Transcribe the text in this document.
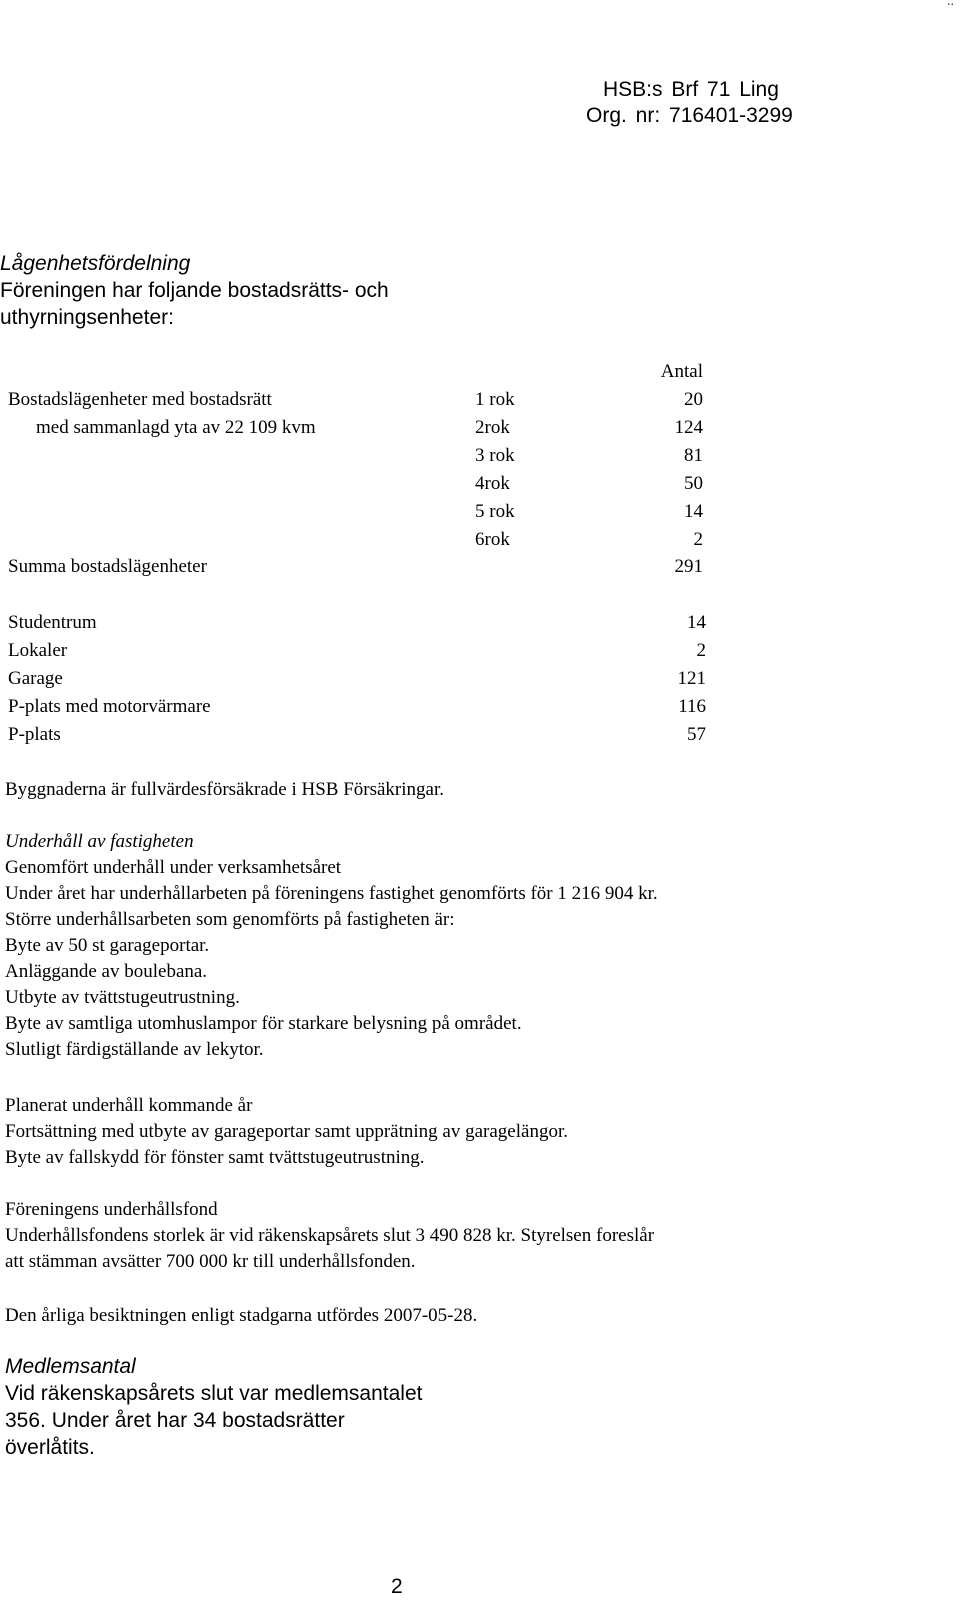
..
HSB:s Brf 71 Ling
Org. nr: 716401-3299
Lågenhetsfördelning
Föreningen har foljande bostadsrätts- och
uthyrningsenheter:
Antal
Bostadslägenheter med bostadsrätt
med sammanlagd yta av 22 109 kvm
1 rok	20
2rok	124
3 rok	81
4rok	50
5 rok	14
6rok	2
Summa bostadslägenheter	291
Studentrum	14
Lokaler	2
Garage	121
P-plats med motorvärmare	116
P-plats	57
Byggnaderna är fullvärdesförsäkrade i HSB Försäkringar.
Underhåll av fastigheten
Genomfört underhåll under verksamhetsåret
Under året har underhållarbeten på föreningens fastighet genomförts för 1 216 904 kr.
Större underhållsarbeten som genomförts på fastigheten är:
Byte av 50 st garageportar.
Anläggande av boulebana.
Utbyte av tvättstugeutrustning.
Byte av samtliga utomhuslampor för starkare belysning på området.
Slutligt färdigställande av lekytor.
Planerat underhåll kommande år
Fortsättning med utbyte av garageportar samt upprätning av garagelängor.
Byte av fallskydd för fönster samt tvättstugeutrustning.
Föreningens underhållsfond
Underhållsfondens storlek är vid räkenskapsårets slut 3 490 828 kr. Styrelsen foreslår
att stämman avsätter 700 000 kr till underhållsfonden.
Den årliga besiktningen enligt stadgarna utfördes 2007-05-28.
Medlemsantal
Vid räkenskapsårets slut var medlemsantalet
356. Under året har 34 bostadsrätter
överlåtits.
2
